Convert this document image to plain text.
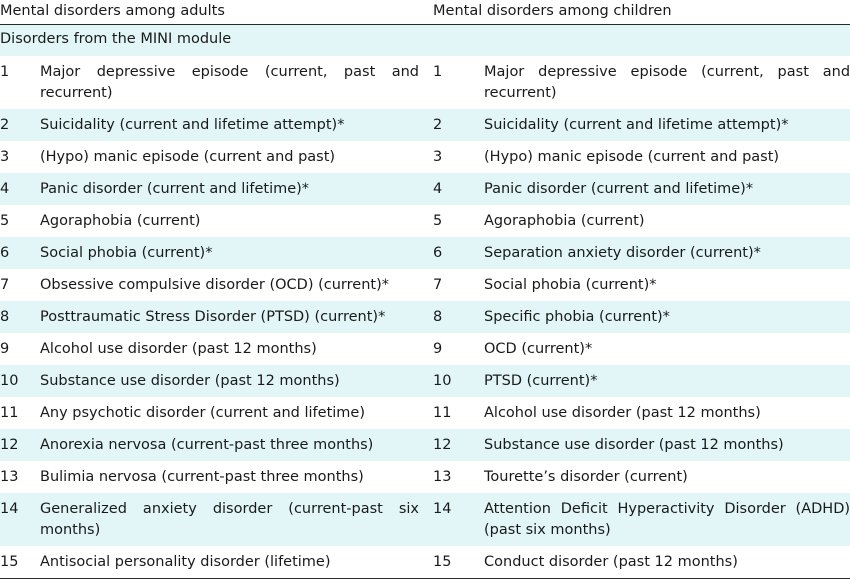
Mental disorders among adults		Mental disorders among children	
Disorders from the MINI module			
1	Major depressive episode (current, past and recurrent)	1	Major depressive episode (current, past and recurrent)
2	Suicidality (current and lifetime attempt)*	2	Suicidality (current and lifetime attempt)*
3	(Hypo) manic episode (current and past)	3	(Hypo) manic episode (current and past)
4	Panic disorder (current and lifetime)*	4	Panic disorder (current and lifetime)*
5	Agoraphobia (current)	5	Agoraphobia (current)
6	Social phobia (current)*	6	Separation anxiety disorder (current)*
7	Obsessive compulsive disorder (OCD) (current)*	7	Social phobia (current)*
8	Posttraumatic Stress Disorder (PTSD) (current)*	8	Specific phobia (current)*
9	Alcohol use disorder (past 12 months)	9	OCD (current)*
10	Substance use disorder (past 12 months)	10	PTSD (current)*
11	Any psychotic disorder (current and lifetime)	11	Alcohol use disorder (past 12 months)
12	Anorexia nervosa (current-past three months)	12	Substance use disorder (past 12 months)
13	Bulimia nervosa (current-past three months)	13	Tourette’s disorder (current)
14	Generalized anxiety disorder (current-past six months)	14	Attention Deficit Hyperactivity Disorder (ADHD) (past six months)
15	Antisocial personality disorder (lifetime)	15	Conduct disorder (past 12 months)
